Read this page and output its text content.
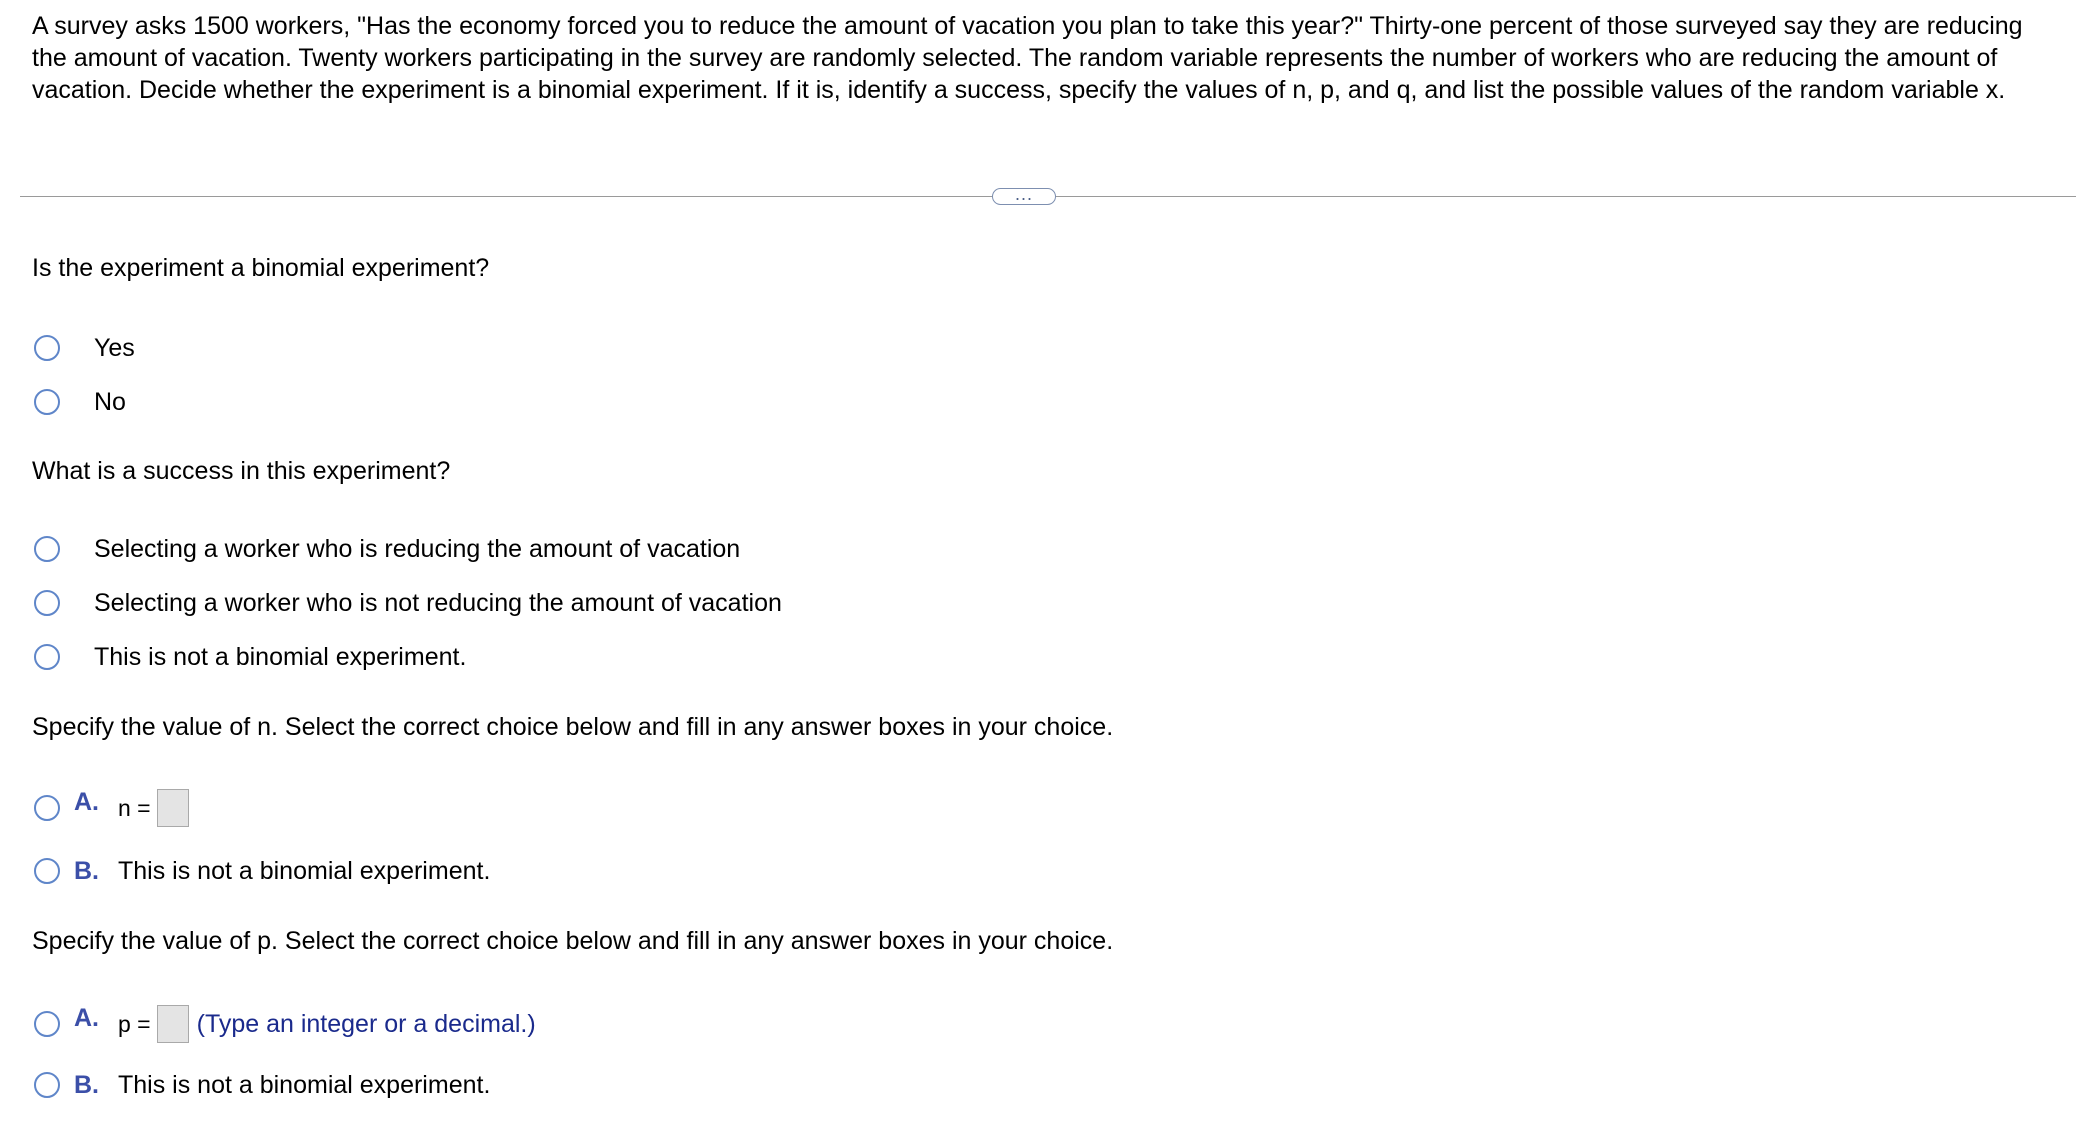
A survey asks 1500 workers, "Has the economy forced you to reduce the amount of vacation you plan to take this year?" Thirty-one percent of those surveyed say they are reducing the amount of vacation. Twenty workers participating in the survey are randomly selected. The random variable represents the number of workers who are reducing the amount of vacation. Decide whether the experiment is a binomial experiment. If it is, identify a success, specify the values of n, p, and q, and list the possible values of the random variable x.

...

Is the experiment a binomial experiment?

Yes
No

What is a success in this experiment?

Selecting a worker who is reducing the amount of vacation
Selecting a worker who is not reducing the amount of vacation
This is not a binomial experiment.

Specify the value of n. Select the correct choice below and fill in any answer boxes in your choice.

A. n =
B. This is not a binomial experiment.

Specify the value of p. Select the correct choice below and fill in any answer boxes in your choice.

A. p = (Type an integer or a decimal.)
B. This is not a binomial experiment.
